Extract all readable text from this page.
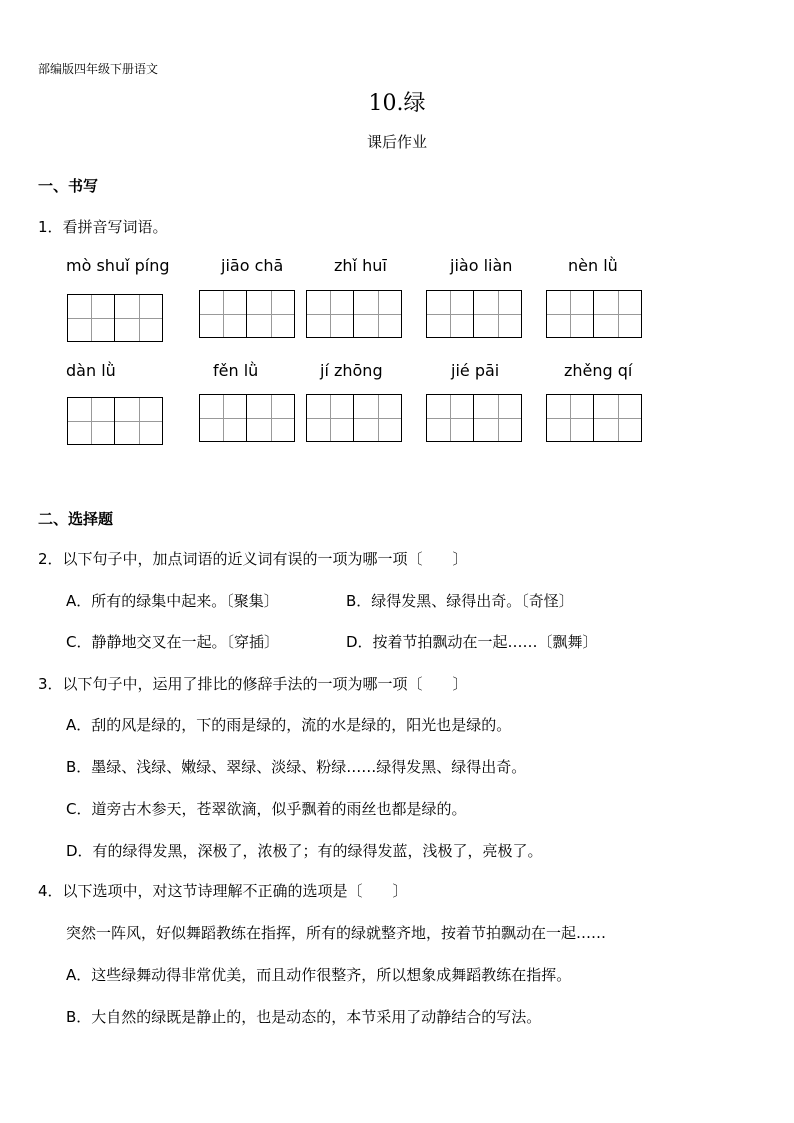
部编版四年级下册语文
10.绿
课后作业
一、书写
1．看拼音写词语。
mò shuǐ píng	jiāo chā	zhǐ huī	jiào liàn	nèn lǜ
dàn lǜ	fěn lǜ	jí zhōng	jié pāi	zhěng qí
二、选择题
2．以下句子中，加点词语的近义词有误的一项为哪一项〔　　〕
A．所有的绿集中起来。〔聚集〕	B．绿得发黑、绿得出奇。〔奇怪〕
C．静静地交叉在一起。〔穿插〕	D．按着节拍飘动在一起……〔飘舞〕
3．以下句子中，运用了排比的修辞手法的一项为哪一项〔　　〕
A．刮的风是绿的，下的雨是绿的，流的水是绿的，阳光也是绿的。
B．墨绿、浅绿、嫩绿、翠绿、淡绿、粉绿……绿得发黑、绿得出奇。
C．道旁古木参天，苍翠欲滴，似乎飘着的雨丝也都是绿的。
D．有的绿得发黑，深极了，浓极了；有的绿得发蓝，浅极了，亮极了。
4．以下选项中，对这节诗理解不正确的选项是〔　　〕
突然一阵风，好似舞蹈教练在指挥，所有的绿就整齐地，按着节拍飘动在一起……
A．这些绿舞动得非常优美，而且动作很整齐，所以想象成舞蹈教练在指挥。
B．大自然的绿既是静止的，也是动态的，本节采用了动静结合的写法。
